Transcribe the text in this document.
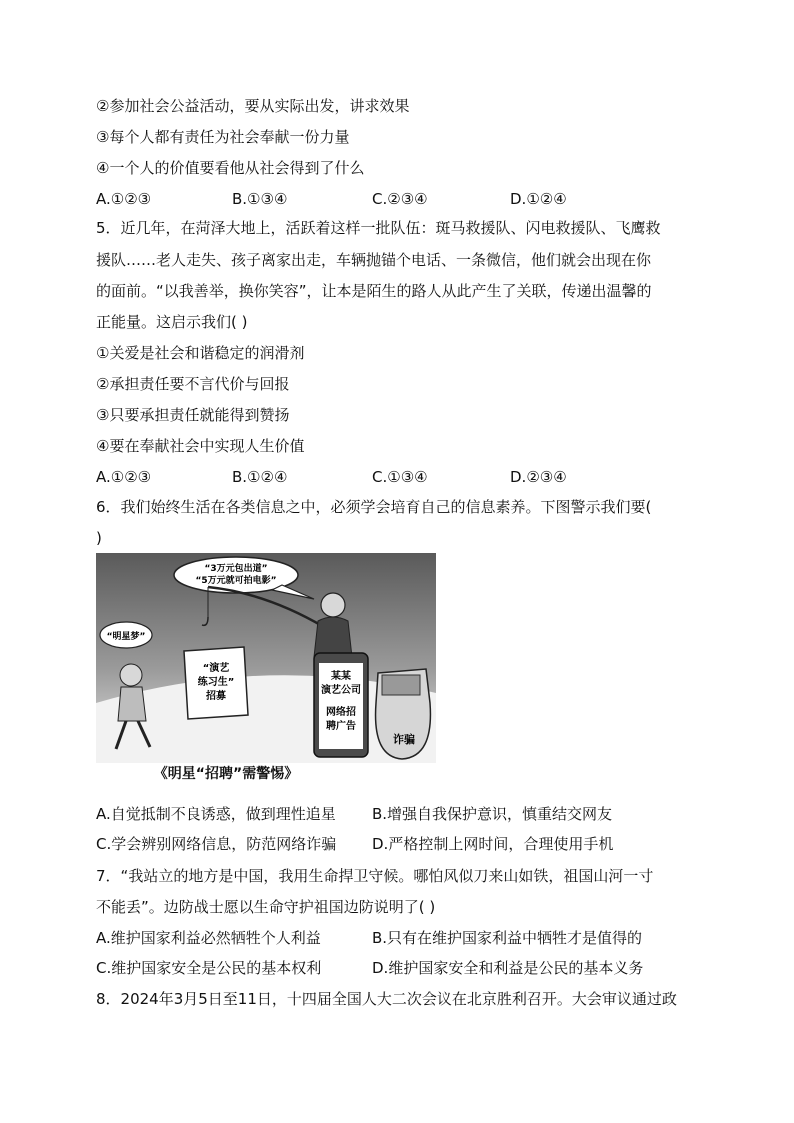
②参加社会公益活动，要从实际出发，讲求效果
③每个人都有责任为社会奉献一份力量
④一个人的价值要看他从社会得到了什么
A.①②③	B.①③④	C.②③④	D.①②④
5．近几年，在菏泽大地上，活跃着这样一批队伍：斑马救援队、闪电救援队、飞鹰救
援队……老人走失、孩子离家出走，车辆抛锚个电话、一条微信，他们就会出现在你
的面前。“以我善举，换你笑容”，让本是陌生的路人从此产生了关联，传递出温馨的
正能量。这启示我们( )
①关爱是社会和谐稳定的润滑剂
②承担责任要不言代价与回报
③只要承担责任就能得到赞扬
④要在奉献社会中实现人生价值
A.①②③	B.①②④	C.①③④	D.②③④
6．我们始终生活在各类信息之中，必须学会培育自己的信息素养。下图警示我们要(
)
“3万元包出道”
“5万元就可拍电影”
“明星梦”
“演艺
练习生”
招募
某某
演艺公司
网络招
聘广告
诈骗
《明星“招聘”需警惕》
A.自觉抵制不良诱惑，做到理性追星 B.增强自我保护意识，慎重结交网友
C.学会辨别网络信息，防范网络诈骗 D.严格控制上网时间，合理使用手机
7．“我站立的地方是中国，我用生命捍卫守候。哪怕风似刀来山如铁，祖国山河一寸
不能丢”。边防战士愿以生命守护祖国边防说明了( )
A.维护国家利益必然牺牲个人利益	B.只有在维护国家利益中牺牲才是值得的
C.维护国家安全是公民的基本权利	D.维护国家安全和利益是公民的基本义务
8．2024年3月5日至11日，十四届全国人大二次会议在北京胜利召开。大会审议通过政
